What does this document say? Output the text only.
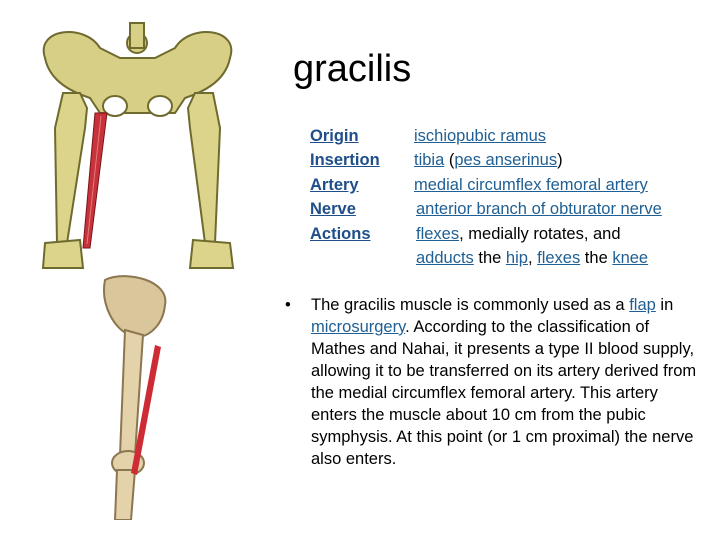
gracilis
Origin	ischiopubic ramus
Insertion tibia (pes anserinus)
Artery	medial circumflex femoral artery
Nerve	anterior branch of obturator nerve
Actions	flexes, medially rotates, and
adducts the hip, flexes the knee
• The gracilis muscle is commonly used as a flap in microsurgery. According to the classification of Mathes and Nahai, it presents a type II blood supply, allowing it to be transferred on its artery derived from the medial circumflex femoral artery. This artery enters the muscle about 10 cm from the pubic symphysis. At this point (or 1 cm proximal) the nerve also enters.
